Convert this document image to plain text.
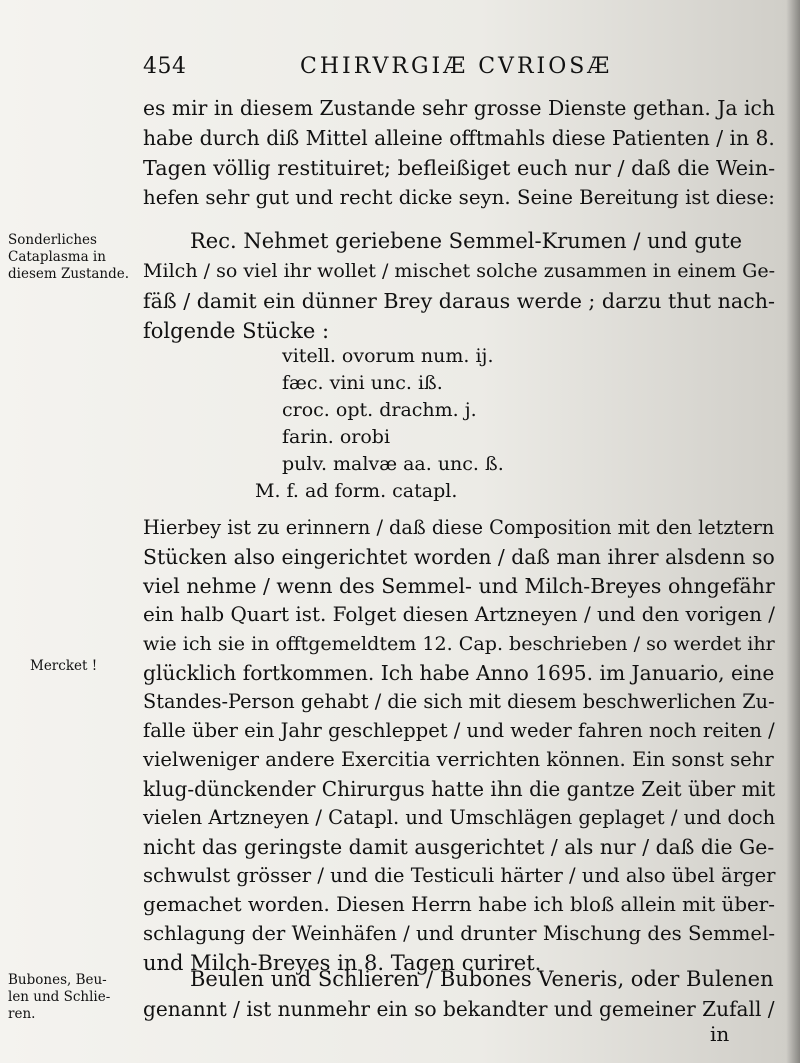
454	CHIRVRGIÆ CVRIOSÆ
Sonderliches
Cataplasma in
diesem Zustande.
Mercket !
Bubones, Beu-
len und Schlie-
ren.
es mir in diesem Zustande sehr grosse Dienste gethan. Ja ich
habe durch diß Mittel alleine offtmahls diese Patienten / in 8.
Tagen völlig restituiret; befleißiget euch nur / daß die Wein-
hefen sehr gut und recht dicke seyn. Seine Bereitung ist diese:
Rec. Nehmet geriebene Semmel-Krumen / und gute
Milch / so viel ihr wollet / mischet solche zusammen in einem Ge-
fäß / damit ein dünner Brey daraus werde ; darzu thut nach-
folgende Stücke :
vitell. ovorum num. ij.
fæc. vini unc. iß.
croc. opt. drachm. j.
farin. orobi
pulv. malvæ aa. unc. ß.
M. f. ad form. catapl.
Hierbey ist zu erinnern / daß diese Composition mit den letztern
Stücken also eingerichtet worden / daß man ihrer alsdenn so
viel nehme / wenn des Semmel- und Milch-Breyes ohngefähr
ein halb Quart ist. Folget diesen Artzneyen / und den vorigen /
wie ich sie in offtgemeldtem 12. Cap. beschrieben / so werdet ihr
glücklich fortkommen. Ich habe Anno 1695. im Januario, eine
Standes-Person gehabt / die sich mit diesem beschwerlichen Zu-
falle über ein Jahr geschleppet / und weder fahren noch reiten /
vielweniger andere Exercitia verrichten können. Ein sonst sehr
klug-dünckender Chirurgus hatte ihn die gantze Zeit über mit
vielen Artzneyen / Catapl. und Umschlägen geplaget / und doch
nicht das geringste damit ausgerichtet / als nur / daß die Ge-
schwulst grösser / und die Testiculi härter / und also übel ärger
gemachet worden. Diesen Herrn habe ich bloß allein mit über-
schlagung der Weinhäfen / und drunter Mischung des Semmel-
und Milch-Breyes in 8. Tagen curiret.
Beulen und Schlieren / Bubones Veneris, oder Bulenen
genannt / ist nunmehr ein so bekandter und gemeiner Zufall /
in
